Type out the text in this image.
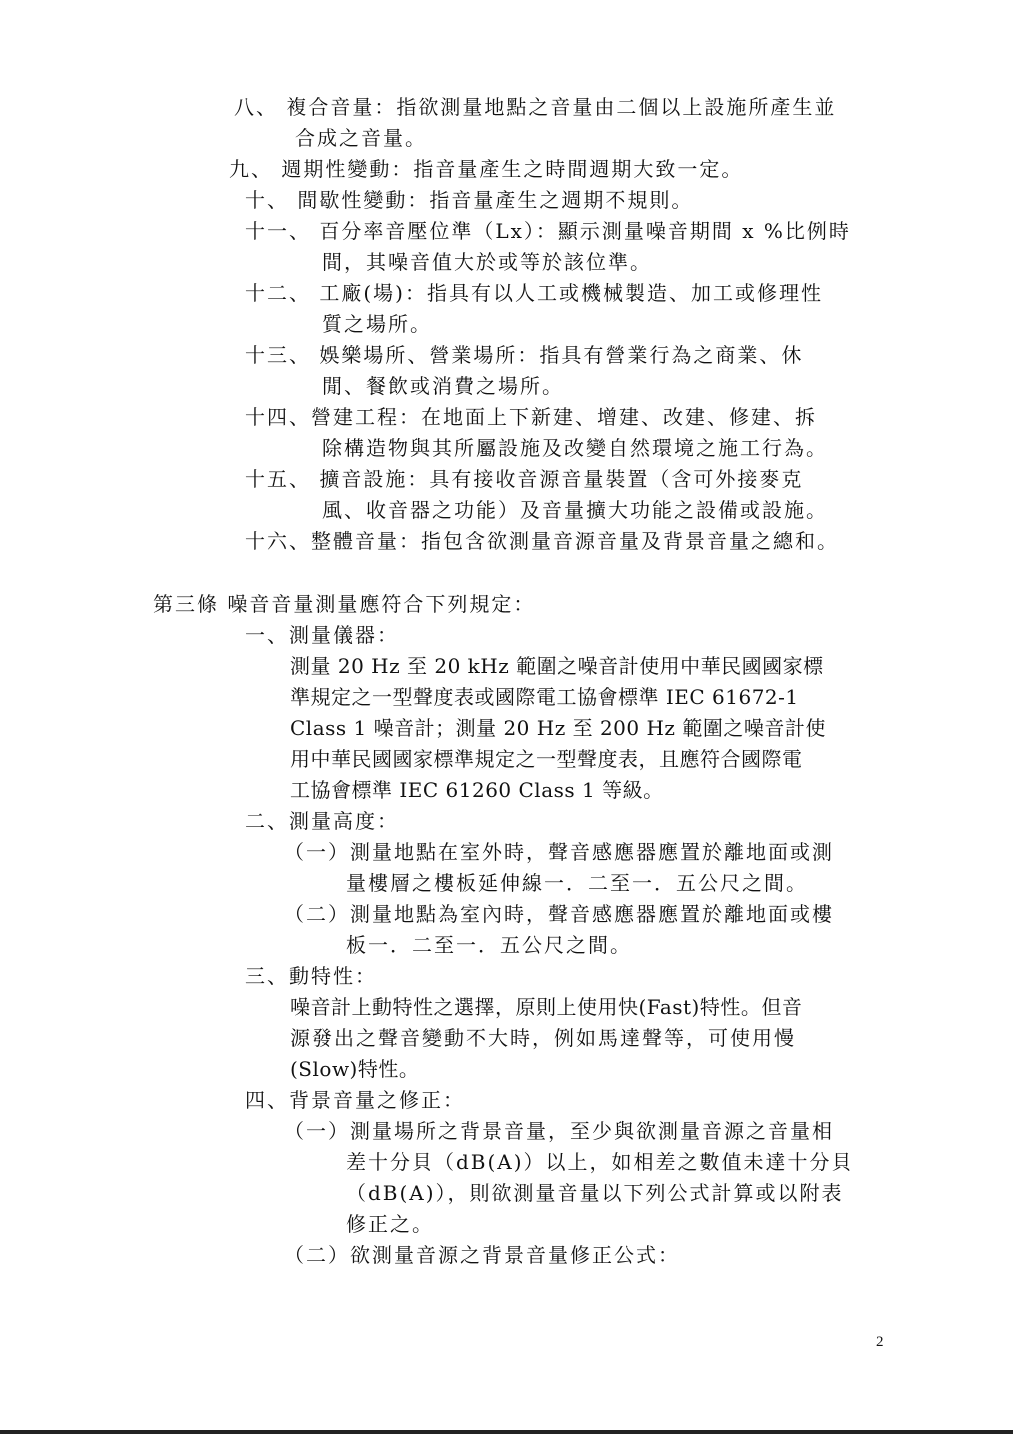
八、 複合音量：指欲測量地點之音量由二個以上設施所產生並
合成之音量。
九、 週期性變動：指音量產生之時間週期大致一定。
十、 間歇性變動：指音量產生之週期不規則。
十一、 百分率音壓位準（Lx）：顯示測量噪音期間 x %比例時
間，其噪音值大於或等於該位準。
十二、 工廠(場)：指具有以人工或機械製造、加工或修理性
質之場所。
十三、 娛樂場所、營業場所：指具有營業行為之商業、休
閒、餐飲或消費之場所。
十四、營建工程：在地面上下新建、增建、改建、修建、拆
除構造物與其所屬設施及改變自然環境之施工行為。
十五、 擴音設施：具有接收音源音量裝置（含可外接麥克
風、收音器之功能）及音量擴大功能之設備或設施。
十六、整體音量：指包含欲測量音源音量及背景音量之總和。
第三條 噪音音量測量應符合下列規定：
一、測量儀器：
測量 20 Hz 至 20 kHz 範圍之噪音計使用中華民國國家標
準規定之一型聲度表或國際電工協會標準 IEC 61672-1
Class 1 噪音計；測量 20 Hz 至 200 Hz 範圍之噪音計使
用中華民國國家標準規定之一型聲度表，且應符合國際電
工協會標準 IEC 61260 Class 1 等級。
二、測量高度：
（一）測量地點在室外時，聲音感應器應置於離地面或測
量樓層之樓板延伸線一．二至一．五公尺之間。
（二）測量地點為室內時，聲音感應器應置於離地面或樓
板一．二至一．五公尺之間。
三、動特性：
噪音計上動特性之選擇，原則上使用快(Fast)特性。但音
源發出之聲音變動不大時，例如馬達聲等，可使用慢
(Slow)特性。
四、背景音量之修正：
（一）測量場所之背景音量，至少與欲測量音源之音量相
差十分貝（dB(A)）以上，如相差之數值未達十分貝
（dB(A)），則欲測量音量以下列公式計算或以附表
修正之。
（二）欲測量音源之背景音量修正公式：
2
